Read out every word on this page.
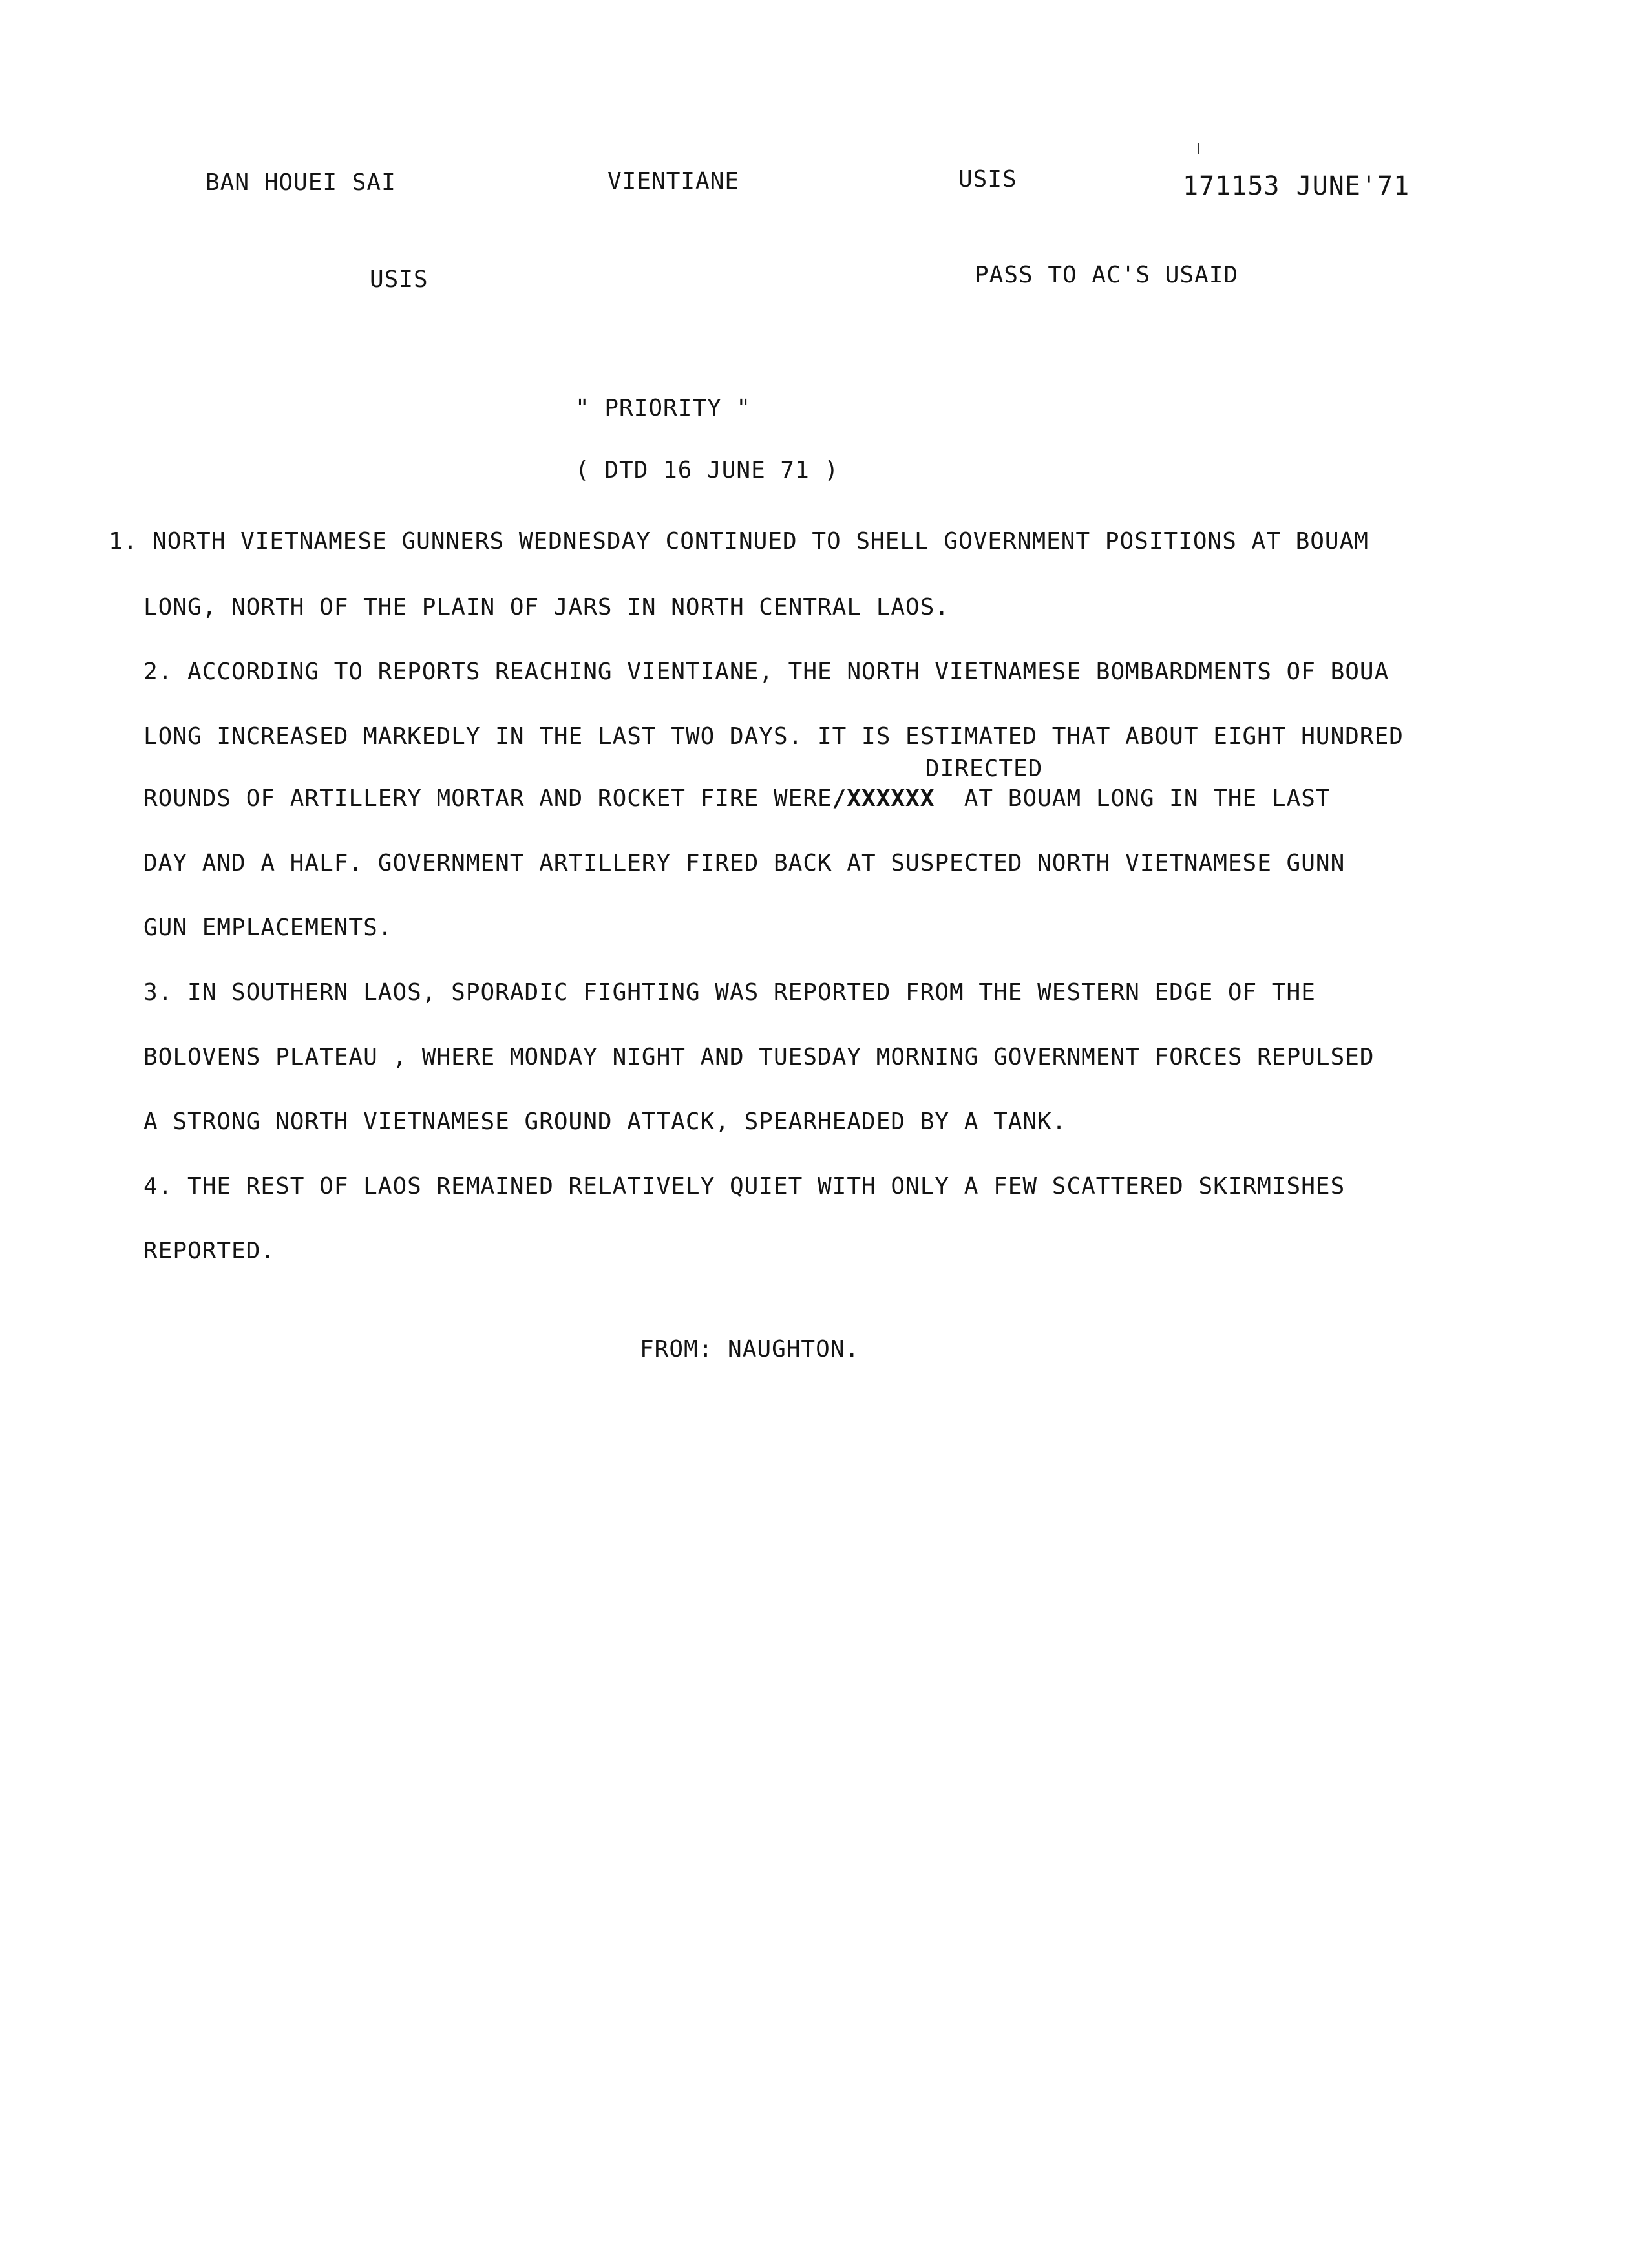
BAN HOUEI SAI	VIENTIANE	USIS	171153 JUNE'71
USIS	PASS TO AC'S USAID
" PRIORITY "
( DTD 16 JUNE 71 )
1. NORTH VIETNAMESE GUNNERS WEDNESDAY CONTINUED TO SHELL GOVERNMENT POSITIONS AT BOUAM
LONG, NORTH OF THE PLAIN OF JARS IN NORTH CENTRAL LAOS.
2. ACCORDING TO REPORTS REACHING VIENTIANE, THE NORTH VIETNAMESE BOMBARDMENTS OF BOUA
LONG INCREASED MARKEDLY IN THE LAST TWO DAYS. IT IS ESTIMATED THAT ABOUT EIGHT HUNDRED
DIRECTED
ROUNDS OF ARTILLERY MORTAR AND ROCKET FIRE WERE/XXXXXX AT BOUAM LONG IN THE LAST
DAY AND A HALF. GOVERNMENT ARTILLERY FIRED BACK AT SUSPECTED NORTH VIETNAMESE GUNN
GUN EMPLACEMENTS.
3. IN SOUTHERN LAOS, SPORADIC FIGHTING WAS REPORTED FROM THE WESTERN EDGE OF THE
BOLOVENS PLATEAU , WHERE MONDAY NIGHT AND TUESDAY MORNING GOVERNMENT FORCES REPULSED
A STRONG NORTH VIETNAMESE GROUND ATTACK, SPEARHEADED BY A TANK.
4. THE REST OF LAOS REMAINED RELATIVELY QUIET WITH ONLY A FEW SCATTERED SKIRMISHES
REPORTED.
FROM: NAUGHTON.
